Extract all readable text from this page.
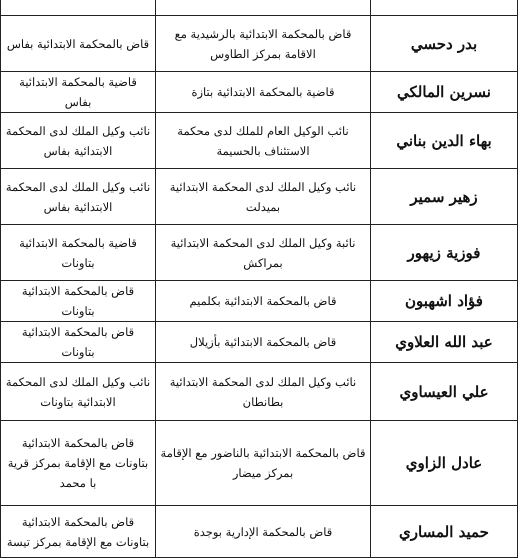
بدر دحسي	قاض بالمحكمة الابتدائية بالرشيدية مع الاقامة بمركز الطاوس	قاض بالمحكمة الابتدائية بفاس
نسرين المالكي	قاضية بالمحكمة الابتدائية بتازة	قاضية بالمحكمة الابتدائية بفاس
بهاء الدين بناني	نائب الوكيل العام للملك لدى محكمة الاستئناف بالحسيمة	نائب وكيل الملك لدى المحكمة الابتدائية بفاس
زهير سمير	نائب وكيل الملك لدى المحكمة الابتدائية بميدلت	نائب وكيل الملك لدى المحكمة الابتدائية بفاس
فوزية زيهور	نائبة وكيل الملك لدى المحكمة الابتدائية بمراكش	قاضية بالمحكمة الابتدائية بتاونات
فؤاد اشهبون	قاض بالمحكمة الابتدائية بكلميم	قاض بالمحكمة الابتدائية بتاونات
عبد الله العلاوي	قاض بالمحكمة الابتدائية بأزيلال	قاض بالمحكمة الابتدائية بتاونات
علي العيساوي	نائب وكيل الملك لدى المحكمة الابتدائية بطانطان	نائب وكيل الملك لدى المحكمة الابتدائية بتاونات
عادل الزاوي	قاض بالمحكمة الابتدائية بالناضور مع الإقامة بمركز ميضار	قاض بالمحكمة الابتدائية بتاونات مع الإقامة بمركز قرية با محمد
حميد المساري	قاض بالمحكمة الإدارية بوجدة	قاض بالمحكمة الابتدائية بتاونات مع الإقامة بمركز تيسة
